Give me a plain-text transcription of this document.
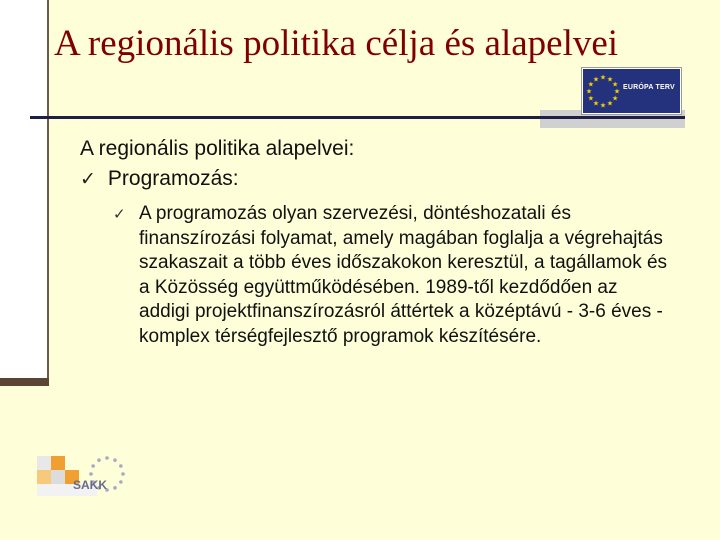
A regionális politika célja és alapelvei
★
★
★
★
★
★
★
★
★ ★ ★
★ EURÓPA TERV
A regionális politika alapelvei:
✓ Programozás:
✓ A programozás olyan szervezési, döntéshozatali és finanszírozási folyamat, amely magában foglalja a végrehajtás szakaszait a több éves időszakokon keresztül, a tagállamok és a Közösség együttműködésében. 1989-től kezdődően az addigi projektfinanszírozásról áttértek a középtávú - 3-6 éves - komplex térségfejlesztő programok készítésére.
SAKK
